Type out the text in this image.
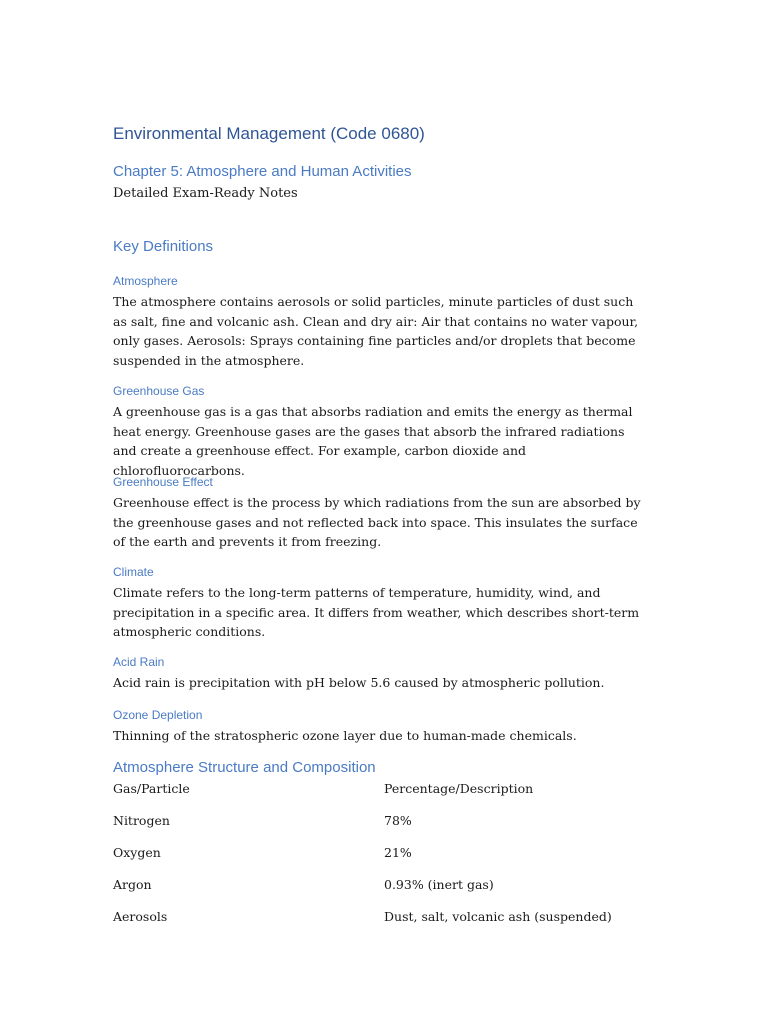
Environmental Management (Code 0680)
Chapter 5: Atmosphere and Human Activities

Detailed Exam-Ready Notes

Key Definitions
Atmosphere

The atmosphere contains aerosols or solid particles, minute particles of dust such as salt, fine and volcanic ash. Clean and dry air: Air that contains no water vapour, only gases. Aerosols: Sprays containing fine particles and/or droplets that become suspended in the atmosphere.

Greenhouse Gas

A greenhouse gas is a gas that absorbs radiation and emits the energy as thermal heat energy. Greenhouse gases are the gases that absorb the infrared radiations and create a greenhouse effect. For example, carbon dioxide and chlorofluorocarbons.

Greenhouse Effect

Greenhouse effect is the process by which radiations from the sun are absorbed by the greenhouse gases and not reflected back into space. This insulates the surface of the earth and prevents it from freezing.

Climate

Climate refers to the long-term patterns of temperature, humidity, wind, and precipitation in a specific area. It differs from weather, which describes short-term atmospheric conditions.

Acid Rain

Acid rain is precipitation with pH below 5.6 caused by atmospheric pollution.

Ozone Depletion

Thinning of the stratospheric ozone layer due to human-made chemicals.

Atmosphere Structure and Composition
Gas/Particle	Percentage/Description
Nitrogen	78%
Oxygen	21%
Argon	0.93% (inert gas)
Aerosols	Dust, salt, volcanic ash (suspended)
